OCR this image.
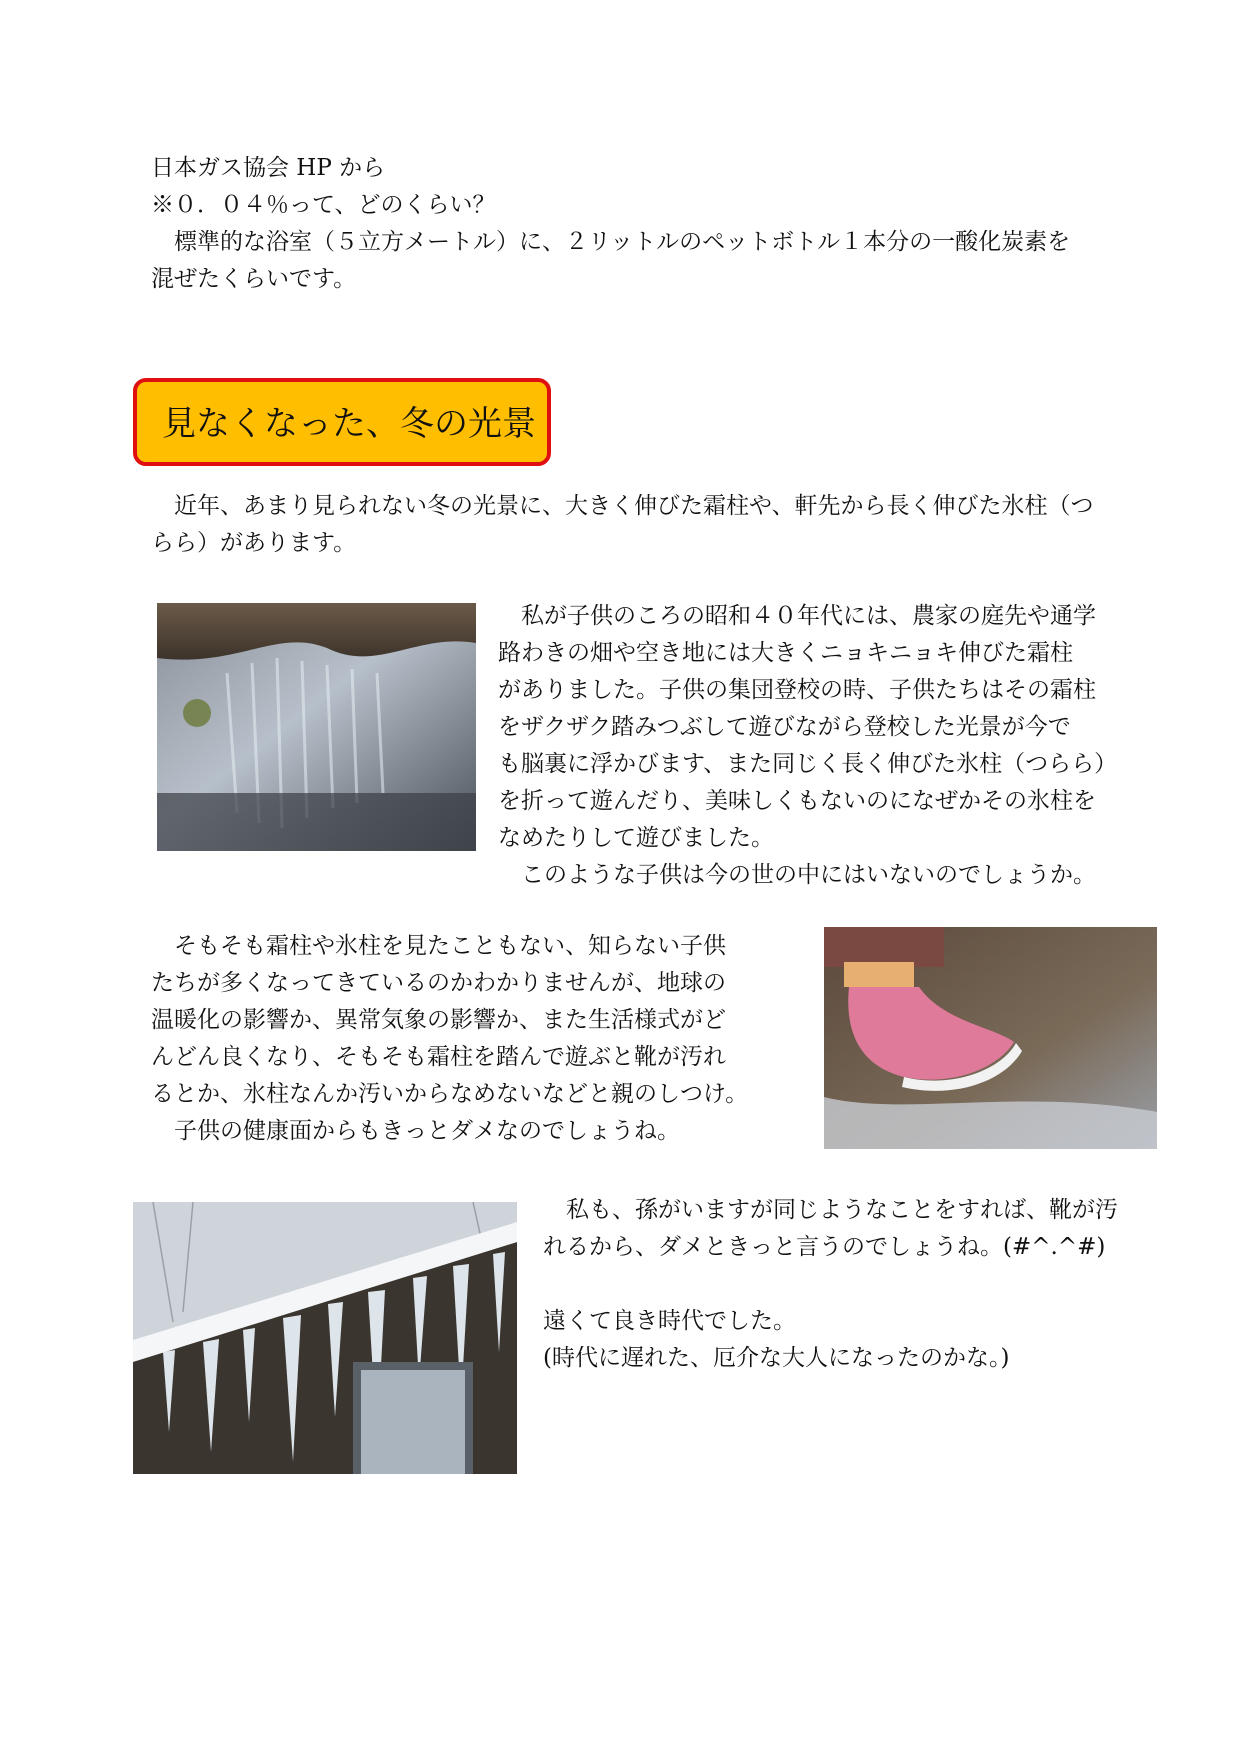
日本ガス協会 HP から
※０．０４％って、どのくらい？
　標準的な浴室（５立方メートル）に、２リットルのペットボトル１本分の一酸化炭素を
混ぜたくらいです。
見なくなった、冬の光景
　近年、あまり見られない冬の光景に、大きく伸びた霜柱や、軒先から長く伸びた氷柱（つ
らら）があります。
　私が子供のころの昭和４０年代には、農家の庭先や通学
路わきの畑や空き地には大きくニョキニョキ伸びた霜柱
がありました。子供の集団登校の時、子供たちはその霜柱
をザクザク踏みつぶして遊びながら登校した光景が今で
も脳裏に浮かびます、また同じく長く伸びた氷柱（つらら）
を折って遊んだり、美味しくもないのになぜかその氷柱を
なめたりして遊びました。
　このような子供は今の世の中にはいないのでしょうか。
　そもそも霜柱や氷柱を見たこともない、知らない子供
たちが多くなってきているのかわかりませんが、地球の
温暖化の影響か、異常気象の影響か、また生活様式がど
んどん良くなり、そもそも霜柱を踏んで遊ぶと靴が汚れ
るとか、氷柱なんか汚いからなめないなどと親のしつけ。
　子供の健康面からもきっとダメなのでしょうね。
　私も、孫がいますが同じようなことをすれば、靴が汚
れるから、ダメときっと言うのでしょうね。(#^.^#)

遠くて良き時代でした。
(時代に遅れた、厄介な大人になったのかな。)
